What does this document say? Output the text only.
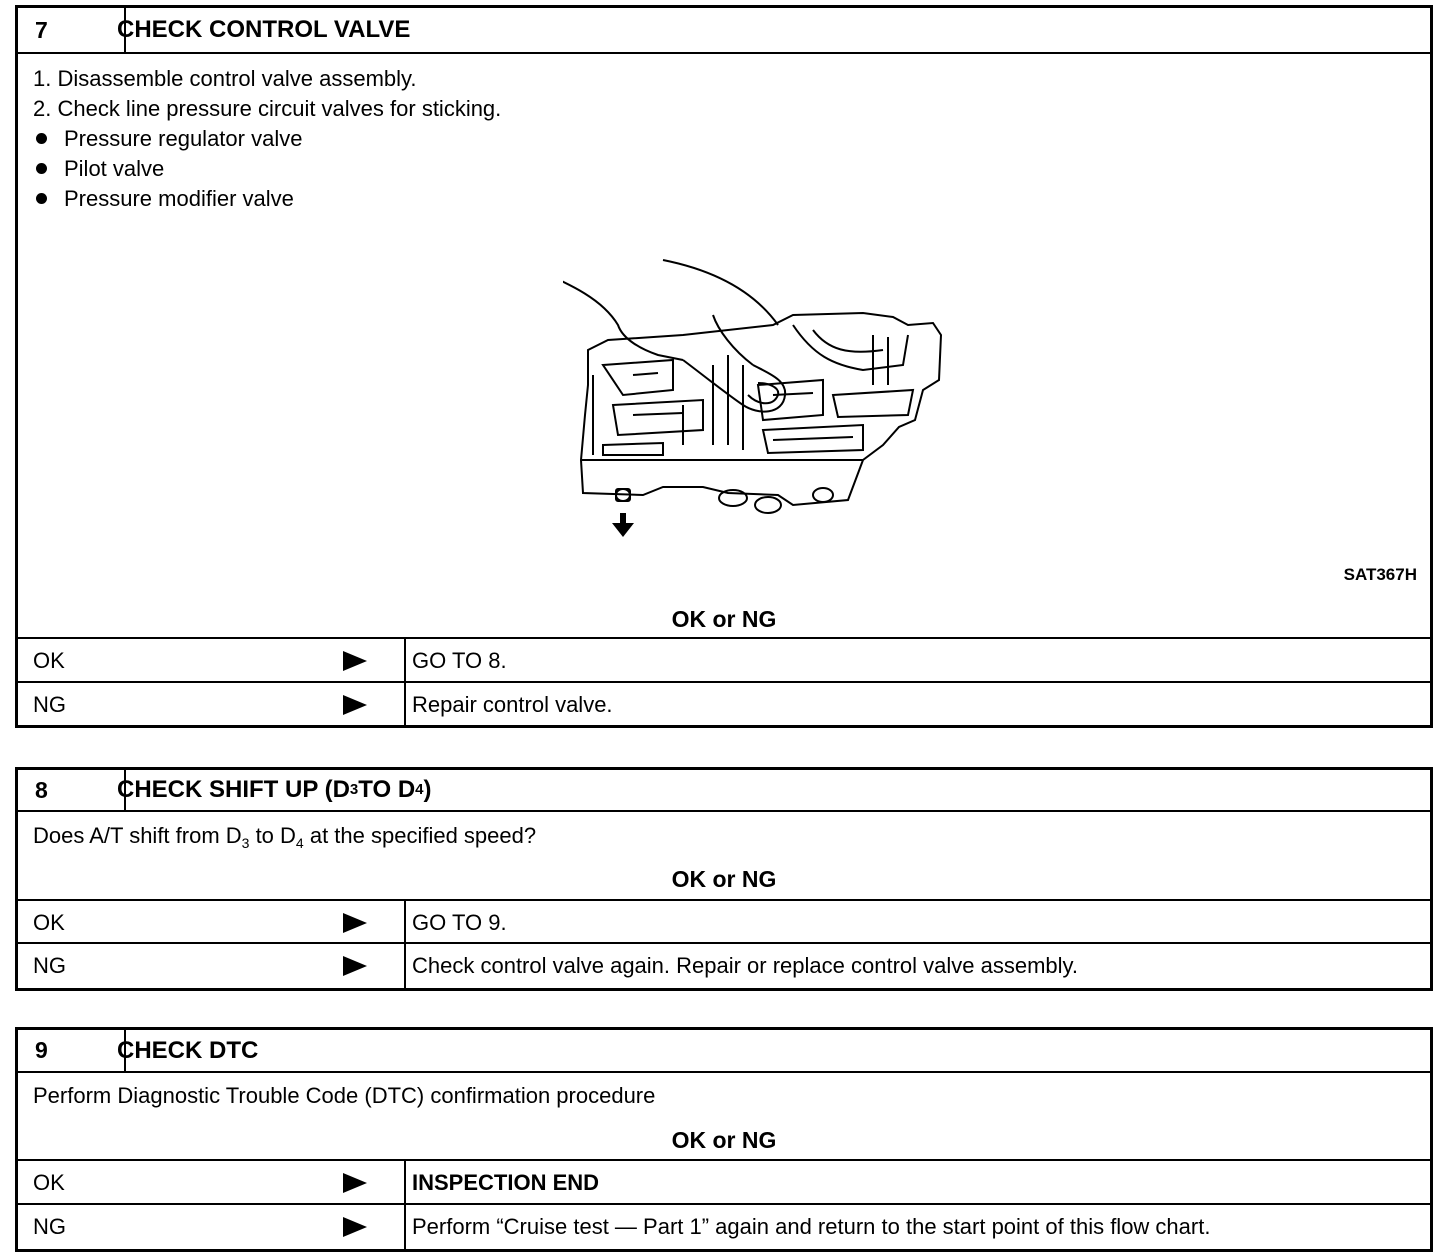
7	CHECK CONTROL VALVE
1. Disassemble control valve assembly.
2. Check line pressure circuit valves for sticking.
Pressure regulator valve
Pilot valve
Pressure modifier valve
SAT367H
OK or NG
OK	GO TO 8.
NG	Repair control valve.
8	CHECK SHIFT UP (D 3 TO D 4 )
Does A/T shift from $D_3$ to $D_4$ at the specified speed?
OK or NG
OK	GO TO 9.
NG	Check control valve again. Repair or replace control valve assembly.
9	CHECK DTC
Perform Diagnostic Trouble Code (DTC) confirmation procedure
OK or NG
OK	INSPECTION END
NG	Perform “Cruise test — Part 1” again and return to the start point of this flow chart.
